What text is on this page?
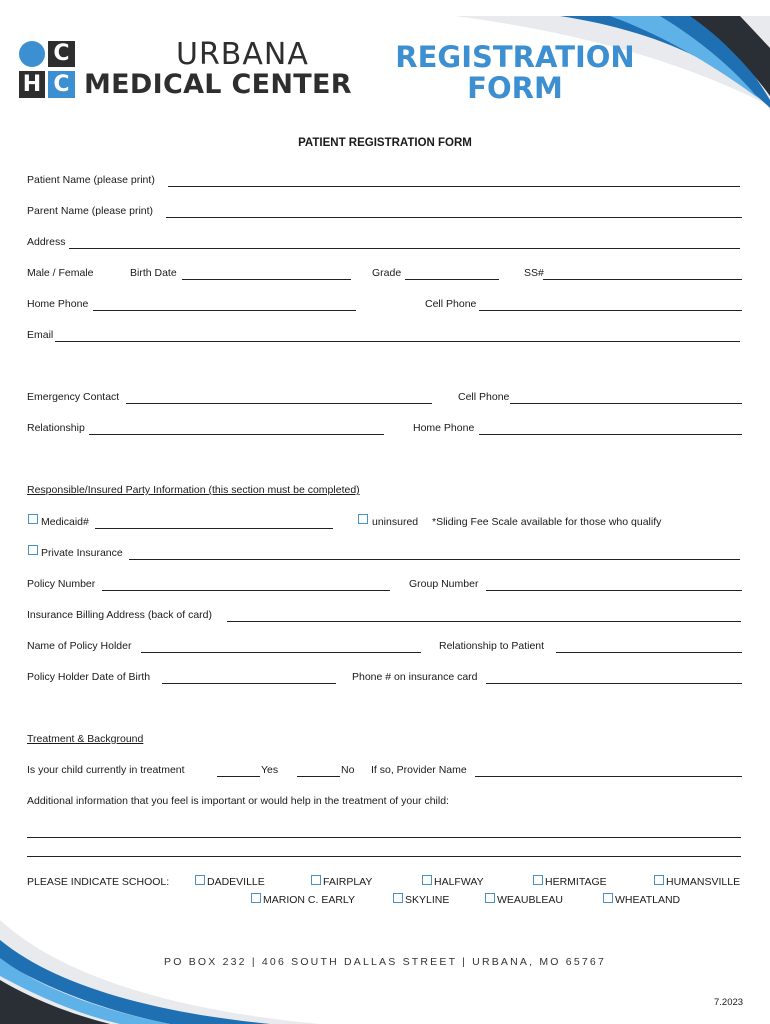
C
H C
URBANA
MEDICAL CENTER
REGISTRATION
FORM
PATIENT REGISTRATION FORM
Patient Name (please print)
Parent Name (please print)
Address
Male / Female	Birth Date	Grade	SS#
Home Phone	Cell Phone
Email
Emergency Contact	Cell Phone
Relationship	Home Phone
Responsible/Insured Party Information (this section must be completed)
Medicaid#	uninsured *Sliding Fee Scale available for those who qualify
Private Insurance
Policy Number	Group Number
Insurance Billing Address (back of card)
Name of Policy Holder	Relationship to Patient
Policy Holder Date of Birth	Phone # on insurance card
Treatment & Background
Is your child currently in treatment	Yes	No If so, Provider Name
Additional information that you feel is important or would help in the treatment of your child:
PLEASE INDICATE SCHOOL:	DADEVILLE	FAIRPLAY	HALFWAY	HERMITAGE	HUMANSVILLE
MARION C. EARLY	SKYLINE	WEAUBLEAU	WHEATLAND
PO BOX 232 | 406 SOUTH DALLAS STREET | URBANA, MO 65767
7.2023
